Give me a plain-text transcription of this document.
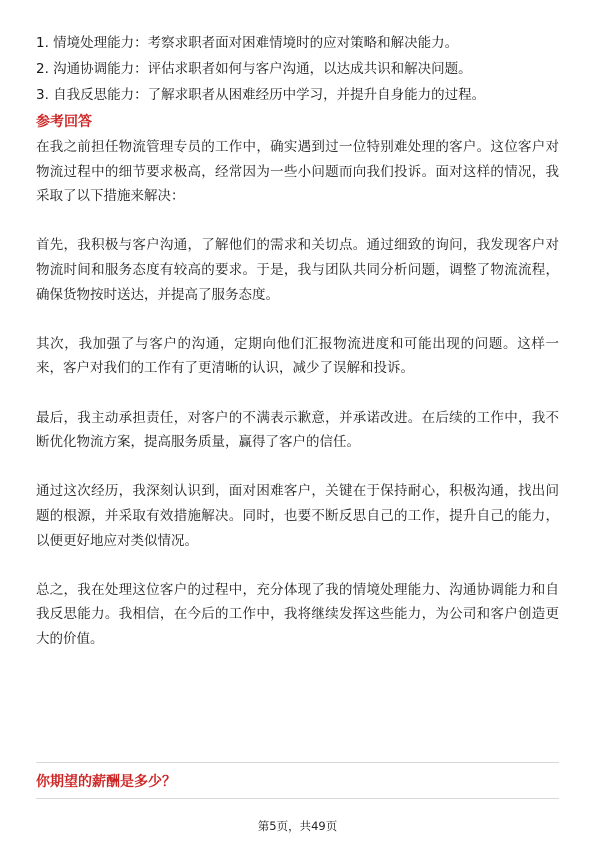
1. 情境处理能力：考察求职者面对困难情境时的应对策略和解决能力。
2. 沟通协调能力：评估求职者如何与客户沟通，以达成共识和解决问题。
3. 自我反思能力：了解求职者从困难经历中学习，并提升自身能力的过程。
参考回答

在我之前担任物流管理专员的工作中，确实遇到过一位特别难处理的客户。这位客户对物流过程中的细节要求极高，经常因为一些小问题而向我们投诉。面对这样的情况，我采取了以下措施来解决：

首先，我积极与客户沟通，了解他们的需求和关切点。通过细致的询问，我发现客户对物流时间和服务态度有较高的要求。于是，我与团队共同分析问题，调整了物流流程，确保货物按时送达，并提高了服务态度。

其次，我加强了与客户的沟通，定期向他们汇报物流进度和可能出现的问题。这样一来，客户对我们的工作有了更清晰的认识，减少了误解和投诉。

最后，我主动承担责任，对客户的不满表示歉意，并承诺改进。在后续的工作中，我不断优化物流方案，提高服务质量，赢得了客户的信任。

通过这次经历，我深刻认识到，面对困难客户，关键在于保持耐心，积极沟通，找出问题的根源，并采取有效措施解决。同时，也要不断反思自己的工作，提升自己的能力，以便更好地应对类似情况。

总之，我在处理这位客户的过程中，充分体现了我的情境处理能力、沟通协调能力和自我反思能力。我相信，在今后的工作中，我将继续发挥这些能力，为公司和客户创造更大的价值。

你期望的薪酬是多少？
第5页，共49页
